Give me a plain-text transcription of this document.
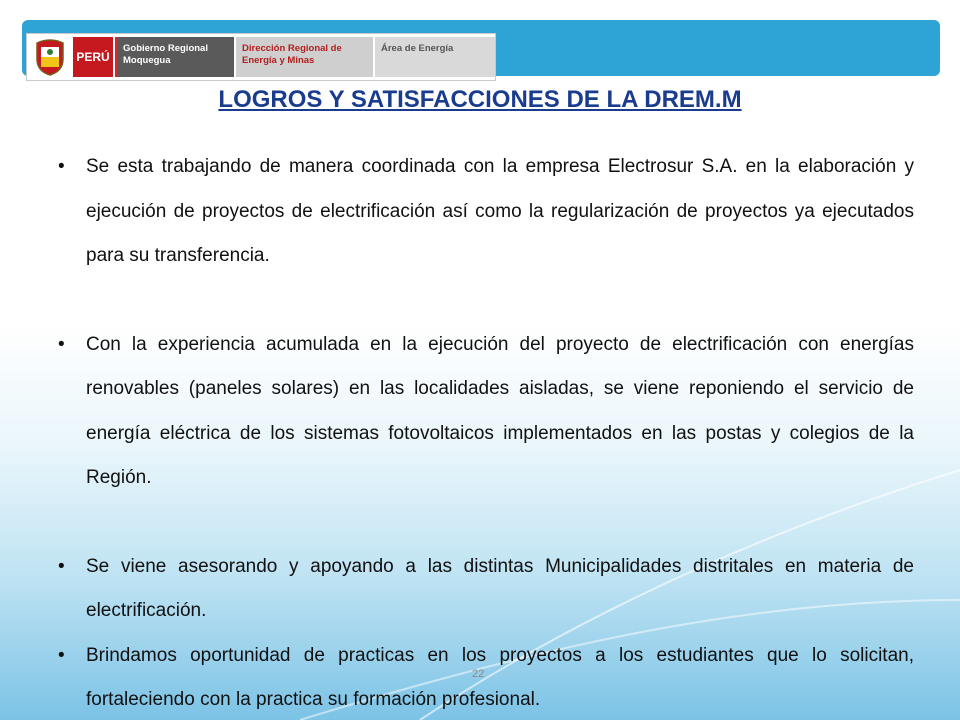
PERÚ
Gobierno Regional Moquegua
Dirección Regional de Energía y Minas
Área de Energía
LOGROS Y SATISFACCIONES DE LA DREM.M
•	Se esta trabajando de manera coordinada con la empresa Electrosur S.A. en la elaboración y ejecución de proyectos de electrificación así como la regularización de proyectos ya ejecutados para su transferencia.
•	Con la experiencia acumulada en la ejecución del proyecto de electrificación con energías renovables (paneles solares) en las localidades aisladas, se viene reponiendo el servicio de energía eléctrica de los sistemas fotovoltaicos implementados en las postas y colegios de la Región.
•	Se viene asesorando y apoyando a las distintas Municipalidades distritales en materia de electrificación.
•	Brindamos oportunidad de practicas en los proyectos a los estudiantes que lo solicitan, fortaleciendo con la practica su formación profesional.
22
